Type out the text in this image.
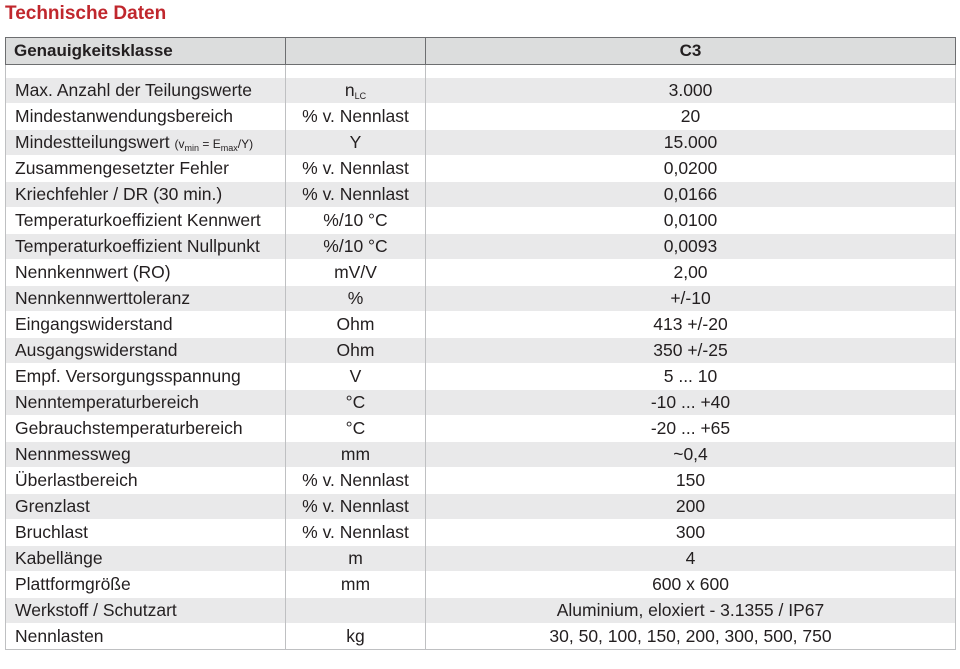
Technische Daten
Genauigkeitsklasse		C3

Max. Anzahl der Teilungswerte	$n_{LC}$	3.000
Mindestanwendungsbereich	% v. Nennlast	20
Mindestteilungswert $(v_{min} = E_{max}/Y)$	Y	15.000
Zusammengesetzter Fehler	% v. Nennlast	0,0200
Kriechfehler / DR (30 min.)	% v. Nennlast	0,0166
Temperaturkoeffizient Kennwert	%/10 °C	0,0100
Temperaturkoeffizient Nullpunkt	%/10 °C	0,0093
Nennkennwert (RO)	mV/V	2,00
Nennkennwerttoleranz	%	+/-10
Eingangswiderstand	Ohm	413 +/-20
Ausgangswiderstand	Ohm	350 +/-25
Empf. Versorgungsspannung	V	5 ... 10
Nenntemperaturbereich	°C	-10 ... +40
Gebrauchstemperaturbereich	°C	-20 ... +65
Nennmessweg	mm	~0,4
Überlastbereich	% v. Nennlast	150
Grenzlast	% v. Nennlast	200
Bruchlast	% v. Nennlast	300
Kabellänge	m	4
Plattformgröße	mm	600 x 600
Werkstoff / Schutzart		Aluminium, eloxiert - 3.1355 / IP67
Nennlasten	kg	30, 50, 100, 150, 200, 300, 500, 750
